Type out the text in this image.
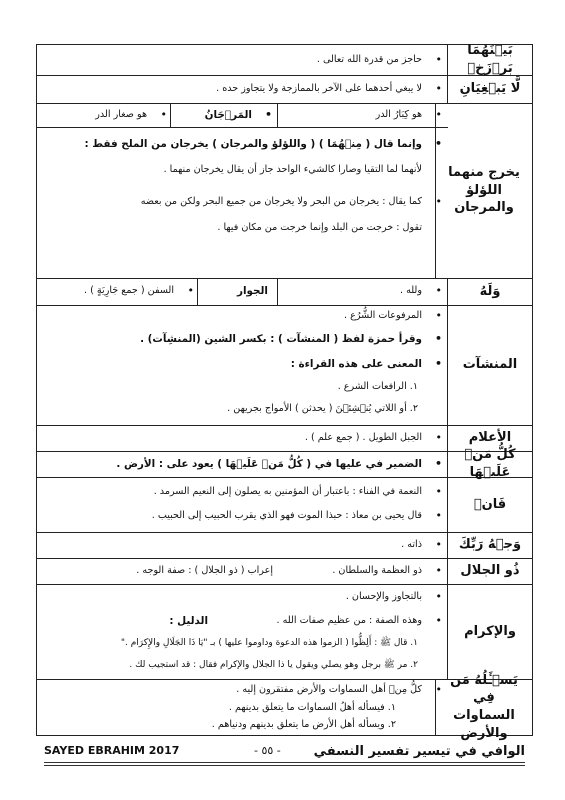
بَيۡنَهُمَا بَرۡزَخٞ
• حاجز من قدرة الله تعالى .
لَّا يَبۡغِيَانِ
• لا يبغي أحدهما على الآخر بالممازجة ولا يتجاوز حده .
يخرج منهما اللؤلؤ والمرجان
• هو كِبَارُ الدر
• المَرۡجَانُ
• هو صغار الدر
• وإنما قال ( مِنۡهُمَا ) ( واللؤلؤ والمرجان ) يخرجان من الملح فقط :
لأنهما لما التقيا وصارا كالشيء الواحد جاز أن يقال يخرجان منهما .
• كما يقال : يخرجان من البحر ولا يخرجان من جميع البحر ولكن من بعضه
تقول : خرجت من البلد وإنما خرجت من مكان فيها .
وَلَهُ
• ولله .
الجوار
• السفن ( جمع جَارِيَةٍ ) .
المنشآت
• المرفوعات الشُّرُع .
• وقرأ حمزة لفظ ( المنشآت ) : بكسر الشين (المنشِآت) .
• المعنى على هذه القراءة :
١. الرافعات الشرع .
٢. أو اللاتي يُنۡشِئۡنَ ( يحدثن ) الأمواج بجريهن .
الأعلام
• الجبل الطويل . ( جمع علم ) .
كُلُّ مَنۡ عَلَيۡهَا
• الضمير في عليها في ( كُلُّ مَنۡ عَلَيۡهَا ) يعود على : الأرض .
فَانٖ
• النعمة في الفناء : باعتبار أن المؤمنين به يصلون إلى النعيم السرمد .
• قال يحيى بن معاذ : حبذا الموت فهو الذي يقرب الحبيب إلى الحبيب .
وَجۡهُ رَبِّكَ
• ذاته .
ذُو الجلال
• ذو العظمة والسلطان .
إعراب ( ذو الجلال ) : صفة الوجه .
والإكرام
• بالتجاوز والإحسان .
• وهذه الصفة : من عظيم صفات الله .
الدليل :
١. قال ﷺ : أَلِظُّوا ( الزموا هذه الدعوة وداوموا عليها ) بـ "يَا ذَا الجَلَالِ والإِكرَام ."
٢. مر ﷺ برجل وهو يصلي ويقول يا ذا الجلال والإكرام فقال : قد استجيب لك .
يَسۡـَٔلُهُ مَن فِي السماوات والأرض
• كلُّ مِنۡ أهل السماوات والأرض مفتقرون إليه .
١. فيسأله أهلُ السماوات ما يتعلق بدينهم .
٢. ويسأله أهل الأرض ما يتعلق بدينهم ودنياهم .
SAYED EBRAHIM 2017	- ٥٥ -	الوافي في تيسير تفسير النسفي
